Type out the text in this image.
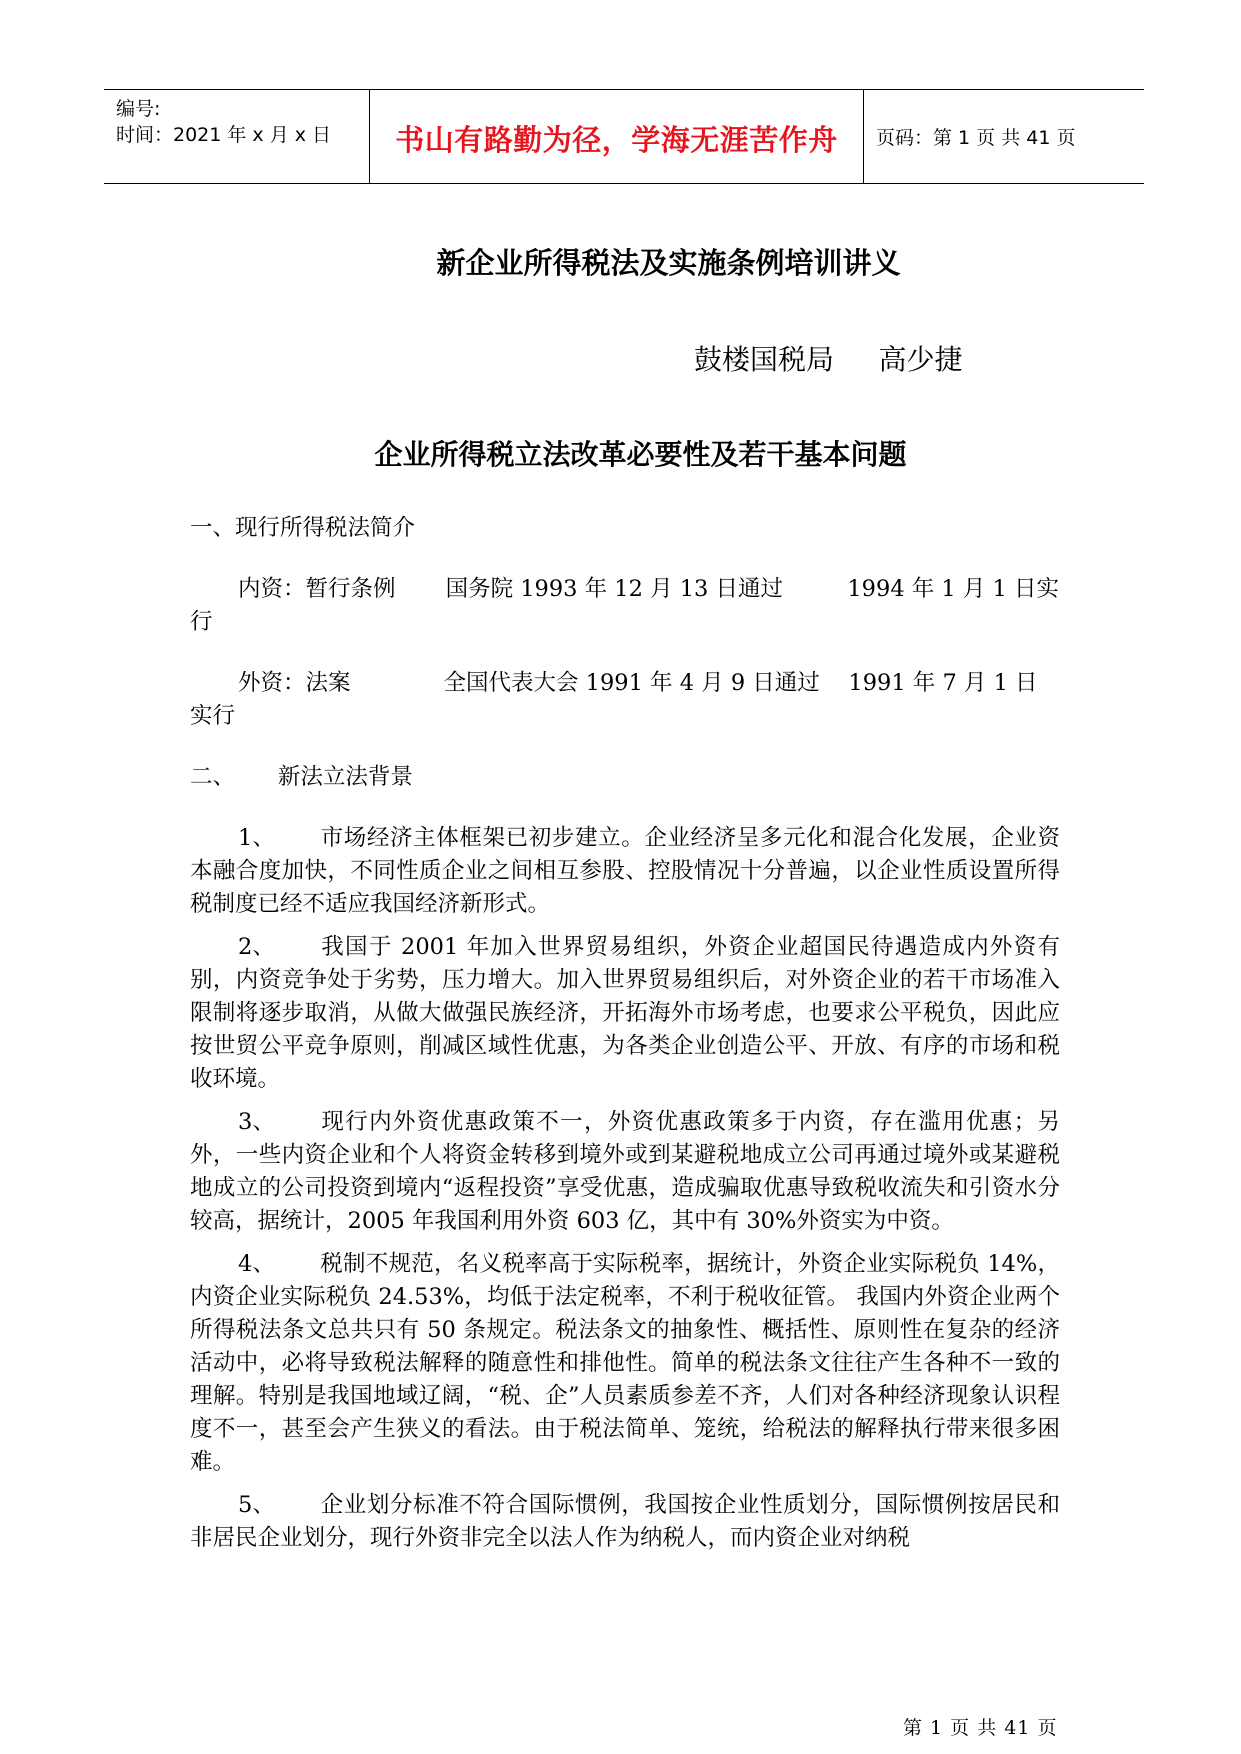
编号:
时间：2021 年 x 月 x 日 书山有路勤为径，学海无涯苦作舟 页码：第 1 页 共 41 页
新企业所得税法及实施条例培训讲义
鼓楼国税局     高少捷
企业所得税立法改革必要性及若干基本问题

一、现行所得税法简介

内资：暂行条例       国务院 1993 年 12 月 13 日通过         1994 年 1 月 1 日实行

外资：法案             全国代表大会 1991 年 4 月 9 日通过    1991 年 7 月 1 日实行

二、      新法立法背景

1、 市场经济主体框架已初步建立。企业经济呈多元化和混合化发展，企业资本融合度加快，不同性质企业之间相互参股、控股情况十分普遍，以企业性质设置所得税制度已经不适应我国经济新形式。

2、 我国于 2001 年加入世界贸易组织，外资企业超国民待遇造成内外资有别，内资竞争处于劣势，压力增大。加入世界贸易组织后，对外资企业的若干市场准入限制将逐步取消，从做大做强民族经济，开拓海外市场考虑，也要求公平税负，因此应按世贸公平竞争原则，削减区域性优惠，为各类企业创造公平、开放、有序的市场和税收环境。

3、 现行内外资优惠政策不一，外资优惠政策多于内资，存在滥用优惠；另外，一些内资企业和个人将资金转移到境外或到某避税地成立公司再通过境外或某避税地成立的公司投资到境内“返程投资”享受优惠，造成骗取优惠导致税收流失和引资水分较高，据统计，2005 年我国利用外资 603 亿，其中有 30%外资实为中资。

4、 税制不规范，名义税率高于实际税率，据统计，外资企业实际税负 14%，内资企业实际税负 24.53%，均低于法定税率，不利于税收征管。 我国内外资企业两个所得税法条文总共只有 50 条规定。税法条文的抽象性、概括性、原则性在复杂的经济活动中，必将导致税法解释的随意性和排他性。简单的税法条文往往产生各种不一致的理解。特别是我国地域辽阔，“税、企”人员素质参差不齐，人们对各种经济现象认识程度不一，甚至会产生狭义的看法。由于税法简单、笼统，给税法的解释执行带来很多困难。

5、 企业划分标准不符合国际惯例，我国按企业性质划分，国际惯例按居民和非居民企业划分，现行外资非完全以法人作为纳税人，而内资企业对纳税

第 1 页 共 41 页
